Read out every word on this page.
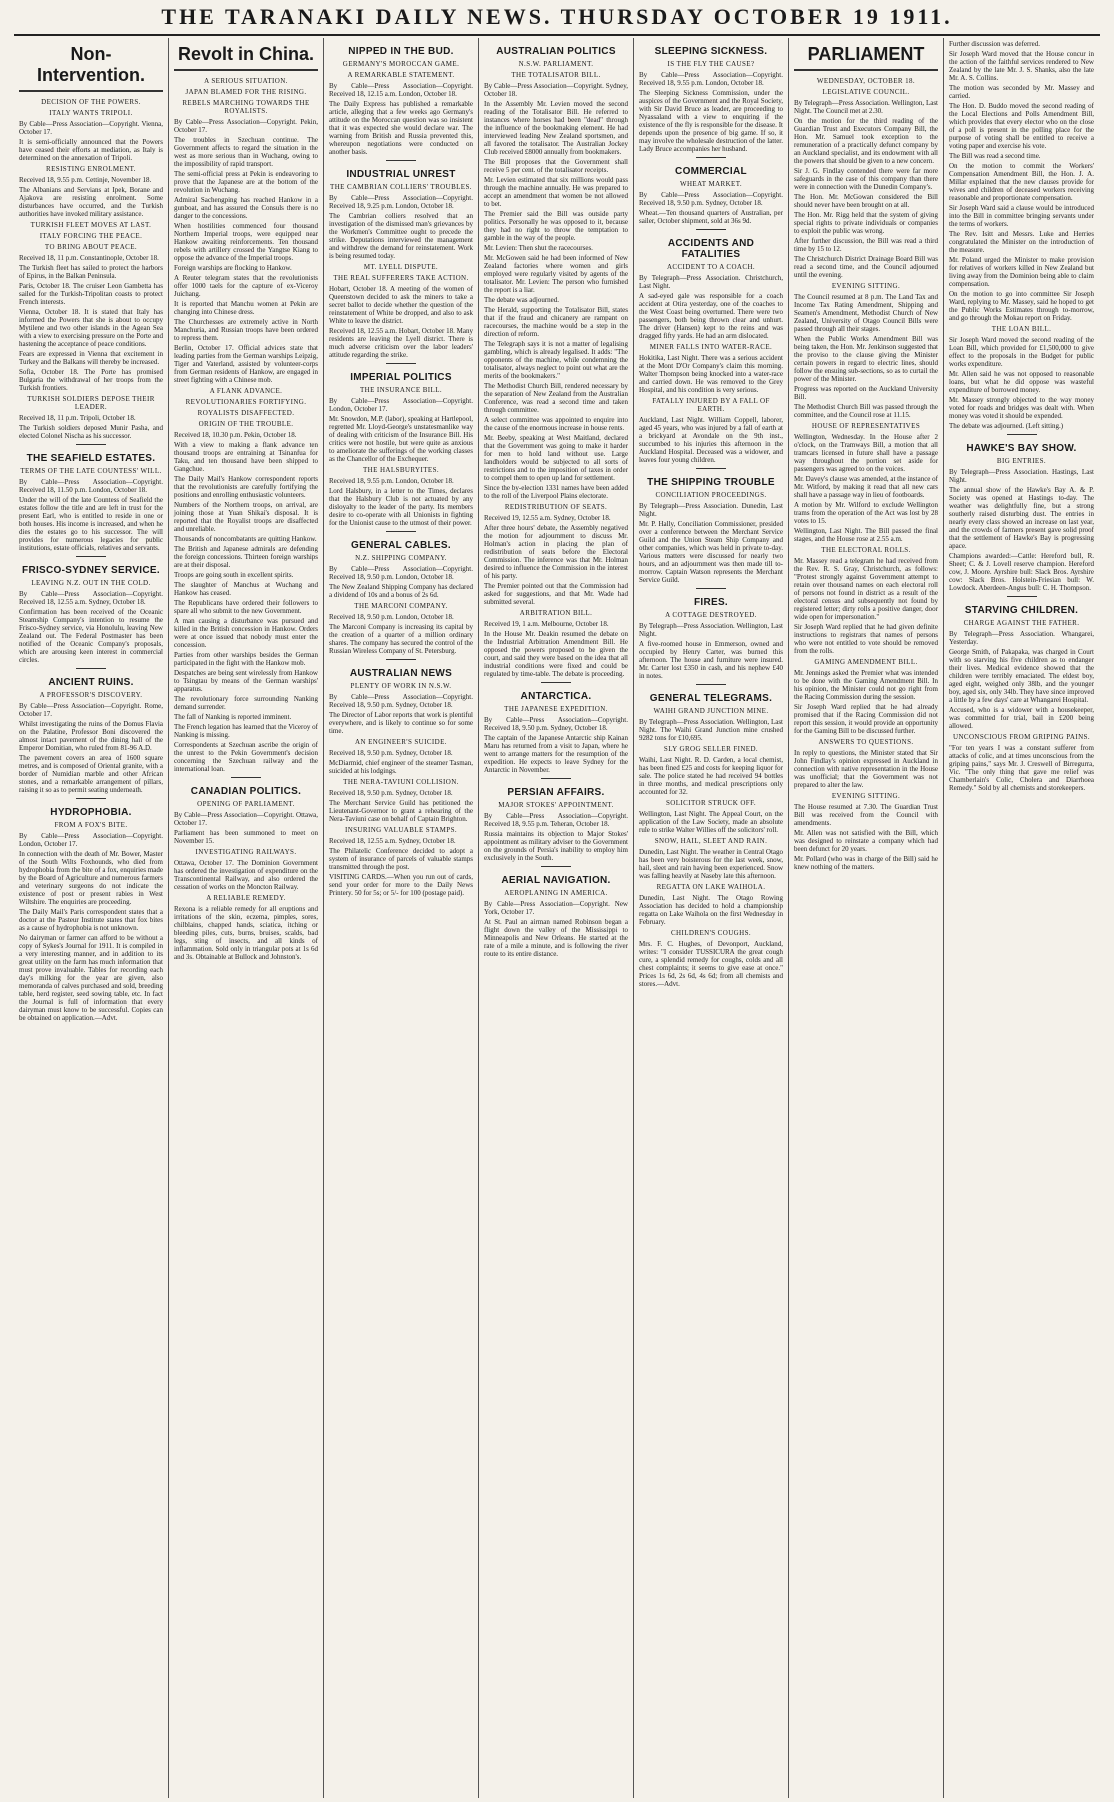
THE TARANAKI DAILY NEWS. THURSDAY OCTOBER 19 1911.
Non-Intervention.
DECISION OF THE POWERS.
ITALY WANTS TRIPOLI.
By Cable—Press Association—Copyright. Vienna, October 17.
It is semi-officially announced that the Powers have ceased their efforts at mediation, as Italy is determined on the annexation of Tripoli.
RESISTING ENROLMENT.
Received 18, 9.55 p.m. Cettinje, November 18.
The Albanians and Servians at Ipek, Borane and Ajakova are resisting enrolment. Some disturbances have occurred, and the Turkish authorities have invoked military assistance.
TURKISH FLEET MOVES AT LAST.
ITALY FORCING THE PEACE.
TO BRING ABOUT PEACE.
Received 18, 11 p.m. Constantinople, October 18.
The Turkish fleet has sailed to protect the harbors of Epirus, in the Balkan Peninsula.
Paris, October 18. The cruiser Leon Gambetta has sailed for the Turkish-Tripolitan coasts to protect French interests.
Vienna, October 18. It is stated that Italy has informed the Powers that she is about to occupy Mytilene and two other islands in the Agean Sea with a view to exercising pressure on the Porte and hastening the acceptance of peace conditions.
Fears are expressed in Vienna that excitement in Turkey and the Balkans will thereby be increased.
Sofia, October 18. The Porte has promised Bulgaria the withdrawal of her troops from the Turkish frontiers.
TURKISH SOLDIERS DEPOSE THEIR LEADER.
Received 18, 11 p.m. Tripoli, October 18.
The Turkish soldiers deposed Munir Pasha, and elected Colonel Nischa as his successor.
THE SEAFIELD ESTATES.
TERMS OF THE LATE COUNTESS' WILL.
By Cable—Press Association—Copyright. Received 18, 11.50 p.m. London, October 18.
Under the will of the late Countess of Seafield the estates follow the title and are left in trust for the present Earl, who is entitled to reside in one or both houses. His income is increased, and when he dies the estates go to his successor. The will provides for numerous legacies for public institutions, estate officials, relatives and servants.
FRISCO-SYDNEY SERVICE.
LEAVING N.Z. OUT IN THE COLD.
By Cable—Press Association—Copyright. Received 18, 12.55 a.m. Sydney, October 18.
Confirmation has been received of the Oceanic Steamship Company's intention to resume the Frisco-Sydney service, via Honolulu, leaving New Zealand out. The Federal Postmaster has been notified of the Oceanic Company's proposals, which are arousing keen interest in commercial circles.
ANCIENT RUINS.
A PROFESSOR'S DISCOVERY.
By Cable—Press Association—Copyright. Rome, October 17.
Whilst investigating the ruins of the Domus Flavia on the Palatine, Professor Boni discovered the almost intact pavement of the dining hall of the Emperor Domitian, who ruled from 81-96 A.D.
The pavement covers an area of 1600 square metres, and is composed of Oriental granite, with a border of Numidian marble and other African stones, and a remarkable arrangement of pillars, raising it so as to permit seating underneath.
HYDROPHOBIA.
FROM A FOX'S BITE.
By Cable—Press Association—Copyright. London, October 17.
In connection with the death of Mr. Bower, Master of the South Wilts Foxhounds, who died from hydrophobia from the bite of a fox, enquiries made by the Board of Agriculture and numerous farmers and veterinary surgeons do not indicate the existence of post or present rabies in West Wiltshire. The enquiries are proceeding.
The Daily Mail's Paris correspondent states that a doctor at the Pasteur Institute states that fox bites as a cause of hydrophobia is not unknown.
No dairyman or farmer can afford to be without a copy of Sykes's Journal for 1911. It is compiled in a very interesting manner, and in addition to its great utility on the farm has much information that must prove invaluable. Tables for recording each day's milking for the year are given, also memoranda of calves purchased and sold, breeding table, herd register, seed sowing table, etc. In fact the Journal is full of information that every dairyman must know to be successful. Copies can be obtained on application.—Advt.
Revolt in China.
A SERIOUS SITUATION.
JAPAN BLAMED FOR THE RISING.
REBELS MARCHING TOWARDS THE ROYALISTS.
By Cable—Press Association—Copyright. Pekin, October 17.
The troubles in Szechuan continue. The Government affects to regard the situation in the west as more serious than in Wuchang, owing to the impossibility of rapid transport.
The semi-official press at Pekin is endeavoring to prove that the Japanese are at the bottom of the revolution in Wuchang.
Admiral Sachengping has reached Hankow in a gunboat, and has assured the Consuls there is no danger to the concessions.
When hostilities commenced four thousand Northern Imperial troops, were equipped near Hankow awaiting reinforcements. Ten thousand rebels with artillery crossed the Yangtse Kiang to oppose the advance of the Imperial troops.
Foreign warships are flocking to Hankow.
A Reuter telegram states that the revolutionists offer 1000 taels for the capture of ex-Viceroy Juichang.
It is reported that Manchu women at Pekin are changing into Chinese dress.
The Churchesses are extremely active in North Manchuria, and Russian troops have been ordered to repress them.
Berlin, October 17. Official advices state that leading parties from the German warships Leipzig, Tiger and Vaterland, assisted by volunteer-corps from German residents of Hankow, are engaged in street fighting with a Chinese mob.
A FLANK ADVANCE.
REVOLUTIONARIES FORTIFYING.
ROYALISTS DISAFFECTED.
ORIGIN OF THE TROUBLE.
Received 18, 10.30 p.m. Pekin, October 18.
With a view to making a flank advance ten thousand troops are entraining at Tsinanfua for Taku, and ten thousand have been shipped to Gangchue.
The Daily Mail's Hankow correspondent reports that the revolutionists are carefully fortifying the positions and enrolling enthusiastic volunteers.
Numbers of the Northern troops, on arrival, are joining those at Yuan Shikai's disposal. It is reported that the Royalist troops are disaffected and unreliable.
Thousands of noncombatants are quitting Hankow.
The British and Japanese admirals are defending the foreign concessions. Thirteen foreign warships are at their disposal.
Troops are going south in excellent spirits.
The slaughter of Manchus at Wuchang and Hankow has ceased.
The Republicans have ordered their followers to spare all who submit to the new Government.
A man causing a disturbance was pursued and killed in the British concession in Hankow. Orders were at once issued that nobody must enter the concession.
Parties from other warships besides the German participated in the fight with the Hankow mob.
Despatches are being sent wirelessly from Hankow to Tsingtau by means of the German warships' apparatus.
The revolutionary force surrounding Nanking demand surrender.
The fall of Nanking is reported imminent.
The French legation has learned that the Viceroy of Nanking is missing.
Correspondents at Szechuan ascribe the origin of the unrest to the Pekin Government's decision concerning the Szechuan railway and the international loan.
CANADIAN POLITICS.
OPENING OF PARLIAMENT.
By Cable—Press Association—Copyright. Ottawa, October 17.
Parliament has been summoned to meet on November 15.
INVESTIGATING RAILWAYS.
Ottawa, October 17. The Dominion Government has ordered the investigation of expenditure on the Transcontinental Railway, and also ordered the cessation of works on the Moncton Railway.
A RELIABLE REMEDY.
Rexona is a reliable remedy for all eruptions and irritations of the skin, eczema, pimples, sores, chilblains, chapped hands, sciatica, itching or bleeding piles, cuts, burns, bruises, scalds, bad legs, sting of insects, and all kinds of inflammation. Sold only in triangular pots at 1s 6d and 3s. Obtainable at Bullock and Johnston's.
NIPPED IN THE BUD.
GERMANY'S MOROCCAN GAME.
A REMARKABLE STATEMENT.
By Cable—Press Association—Copyright. Received 18, 12.15 a.m. London, October 18.
The Daily Express has published a remarkable article, alleging that a few weeks ago Germany's attitude on the Moroccan question was so insistent that it was expected she would declare war. The warning from British and Russia prevented this, whereupon negotiations were conducted on another basis.
INDUSTRIAL UNREST
THE CAMBRIAN COLLIERS' TROUBLES.
By Cable—Press Association—Copyright. Received 18, 9.25 p.m. London, October 18.
The Cambrian colliers resolved that an investigation of the dismissed man's grievances by the Workmen's Committee ought to precede the strike. Deputations interviewed the management and withdrew the demand for reinstatement. Work is being resumed today.
MT. LYELL DISPUTE.
THE REAL SUFFERERS TAKE ACTION.
Hobart, October 18. A meeting of the women of Queenstown decided to ask the miners to take a secret ballot to decide whether the question of the reinstatement of White be dropped, and also to ask White to leave the district.
Received 18, 12.55 a.m. Hobart, October 18. Many residents are leaving the Lyell district. There is much adverse criticism over the labor leaders' attitude regarding the strike.
IMPERIAL POLITICS
THE INSURANCE BILL.
By Cable—Press Association—Copyright. London, October 17.
Mr. Snowdon, M.P. (labor), speaking at Hartlepool, regretted Mr. Lloyd-George's unstatesmanlike way of dealing with criticism of the Insurance Bill. His critics were not hostile, but were quite as anxious to ameliorate the sufferings of the working classes as the Chancellor of the Exchequer.
THE HALSBURYITES.
Received 18, 9.55 p.m. London, October 18.
Lord Halsbury, in a letter to the Times, declares that the Halsbury Club is not actuated by any disloyalty to the leader of the party. Its members desire to co-operate with all Unionists in fighting for the Unionist cause to the utmost of their power.
GENERAL CABLES.
N.Z. SHIPPING COMPANY.
By Cable—Press Association—Copyright. Received 18, 9.50 p.m. London, October 18.
The New Zealand Shipping Company has declared a dividend of 10s and a bonus of 2s 6d.
THE MARCONI COMPANY.
Received 18, 9.50 p.m. London, October 18.
The Marconi Company is increasing its capital by the creation of a quarter of a million ordinary shares. The company has secured the control of the Russian Wireless Company of St. Petersburg.
AUSTRALIAN NEWS
PLENTY OF WORK IN N.S.W.
By Cable—Press Association—Copyright. Received 18, 9.50 p.m. Sydney, October 18.
The Director of Labor reports that work is plentiful everywhere, and is likely to continue so for some time.
AN ENGINEER'S SUICIDE.
Received 18, 9.50 p.m. Sydney, October 18.
McDiarmid, chief engineer of the steamer Tasman, suicided at his lodgings.
THE NERA-TAVIUNI COLLISION.
Received 18, 9.50 p.m. Sydney, October 18.
The Merchant Service Guild has petitioned the Lieutenant-Governor to grant a rehearing of the Nera-Taviuni case on behalf of Captain Brighton.
INSURING VALUABLE STAMPS.
Received 18, 12.55 a.m. Sydney, October 18.
The Philatelic Conference decided to adopt a system of insurance of parcels of valuable stamps transmitted through the post.
VISITING CARDS.—When you run out of cards, send your order for more to the Daily News Printery. 50 for 5s; or 5/- for 100 (postage paid).
AUSTRALIAN POLITICS
N.S.W. PARLIAMENT.
THE TOTALISATOR BILL.
By Cable—Press Association—Copyright. Sydney, October 18.
In the Assembly Mr. Levien moved the second reading of the Totalisator Bill. He referred to instances where horses had been "dead" through the influence of the bookmaking element. He had interviewed leading New Zealand sportsmen, and all favored the totalisator. The Australian Jockey Club received £8000 annually from bookmakers.
The Bill proposes that the Government shall receive 5 per cent. of the totalisator receipts.
Mr. Levien estimated that six millions would pass through the machine annually. He was prepared to accept an amendment that women be not allowed to bet.
The Premier said the Bill was outside party politics. Personally he was opposed to it, because they had no right to throw the temptation to gamble in the way of the people.
Mr. Levien: Then shut the racecourses.
Mr. McGowen said he had been informed of New Zealand factories where women and girls employed were regularly visited by agents of the totalisator. Mr. Levien: The person who furnished the report is a liar.
The debate was adjourned.
The Herald, supporting the Totalisator Bill, states that if the fraud and chicanery are rampant on racecourses, the machine would be a step in the direction of reform.
The Telegraph says it is not a matter of legalising gambling, which is already legalised. It adds: "The opponents of the machine, while condemning the totalisator, always neglect to point out what are the merits of the bookmakers."
The Methodist Church Bill, rendered necessary by the separation of New Zealand from the Australian Conference, was read a second time and taken through committee.
A select committee was appointed to enquire into the cause of the enormous increase in house rents.
Mr. Beeby, speaking at West Maitland, declared that the Government was going to make it harder for men to hold land without use. Large landholders would be subjected to all sorts of restrictions and to the imposition of taxes in order to compel them to open up land for settlement.
Since the by-election 1331 names have been added to the roll of the Liverpool Plains electorate.
REDISTRIBUTION OF SEATS.
Received 19, 12.55 a.m. Sydney, October 18.
After three hours' debate, the Assembly negatived the motion for adjournment to discuss Mr. Holman's action in placing the plan of redistribution of seats before the Electoral Commission. The inference was that Mr. Holman desired to influence the Commission in the interest of his party.
The Premier pointed out that the Commission had asked for suggestions, and that Mr. Wade had submitted several.
ARBITRATION BILL.
Received 19, 1 a.m. Melbourne, October 18.
In the House Mr. Deakin resumed the debate on the Industrial Arbitration Amendment Bill. He opposed the powers proposed to be given the court, and said they were based on the idea that all industrial conditions were fixed and could be regulated by time-table. The debate is proceeding.
ANTARCTICA.
THE JAPANESE EXPEDITION.
By Cable—Press Association—Copyright. Received 18, 9.50 p.m. Sydney, October 18.
The captain of the Japanese Antarctic ship Kainan Maru has returned from a visit to Japan, where he went to arrange matters for the resumption of the expedition. He expects to leave Sydney for the Antarctic in November.
PERSIAN AFFAIRS.
MAJOR STOKES' APPOINTMENT.
By Cable—Press Association—Copyright. Received 18, 9.55 p.m. Teheran, October 18.
Russia maintains its objection to Major Stokes' appointment as military adviser to the Government on the grounds of Persia's inability to employ him exclusively in the South.
AERIAL NAVIGATION.
AEROPLANING IN AMERICA.
By Cable—Press Association—Copyright. New York, October 17.
At St. Paul an airman named Robinson began a flight down the valley of the Mississippi to Minneapolis and New Orleans. He started at the rate of a mile a minute, and is following the river route to its entire distance.
SLEEPING SICKNESS.
IS THE FLY THE CAUSE?
By Cable—Press Association—Copyright. Received 18, 9.55 p.m. London, October 18.
The Sleeping Sickness Commission, under the auspices of the Government and the Royal Society, with Sir David Bruce as leader, are proceeding to Nyassaland with a view to enquiring if the existence of the fly is responsible for the disease. It depends upon the presence of big game. If so, it may involve the wholesale destruction of the latter. Lady Bruce accompanies her husband.
COMMERCIAL
WHEAT MARKET.
By Cable—Press Association—Copyright. Received 18, 9.50 p.m. Sydney, October 18.
Wheat.—Ten thousand quarters of Australian, per sailer, October shipment, sold at 36s 9d.
ACCIDENTS AND FATALITIES
ACCIDENT TO A COACH.
By Telegraph—Press Association. Christchurch, Last Night.
A sad-eyed gale was responsible for a coach accident at Otira yesterday, one of the coaches to the West Coast being overturned. There were two passengers, both being thrown clear and unhurt. The driver (Hansen) kept to the reins and was dragged fifty yards. He had an arm dislocated.
MINER FALLS INTO WATER-RACE.
Hokitika, Last Night. There was a serious accident at the Mont D'Or Company's claim this morning. Walter Thompson being knocked into a water-race and carried down. He was removed to the Grey Hospital, and his condition is very serious.
FATALLY INJURED BY A FALL OF EARTH.
Auckland, Last Night. William Coppell, laborer, aged 45 years, who was injured by a fall of earth at a brickyard at Avondale on the 9th inst., succumbed to his injuries this afternoon in the Auckland Hospital. Deceased was a widower, and leaves four young children.
THE SHIPPING TROUBLE
CONCILIATION PROCEEDINGS.
By Telegraph—Press Association. Dunedin, Last Night.
Mr. P. Hally, Conciliation Commissioner, presided over a conference between the Merchant Service Guild and the Union Steam Ship Company and other companies, which was held in private to-day. Various matters were discussed for nearly two hours, and an adjournment was then made till to-morrow. Captain Watson represents the Merchant Service Guild.
FIRES.
A COTTAGE DESTROYED.
By Telegraph—Press Association. Wellington, Last Night.
A five-roomed house in Emmerson, owned and occupied by Henry Carter, was burned this afternoon. The house and furniture were insured. Mr. Carter lost £350 in cash, and his nephew £40 in notes.
GENERAL TELEGRAMS.
WAIHI GRAND JUNCTION MINE.
By Telegraph—Press Association. Wellington, Last Night. The Waihi Grand Junction mine crushed 9282 tons for £10,695.
SLY GROG SELLER FINED.
Waihi, Last Night. R. D. Carden, a local chemist, has been fined £25 and costs for keeping liquor for sale. The police stated he had received 94 bottles in three months, and medical prescriptions only accounted for 32.
SOLICITOR STRUCK OFF.
Wellington, Last Night. The Appeal Court, on the application of the Law Society, made an absolute rule to strike Walter Willies off the solicitors' roll.
SNOW, HAIL, SLEET AND RAIN.
Dunedin, Last Night. The weather in Central Otago has been very boisterous for the last week, snow, hail, sleet and rain having been experienced. Snow was falling heavily at Naseby late this afternoon.
REGATTA ON LAKE WAIHOLA.
Dunedin, Last Night. The Otago Rowing Association has decided to hold a championship regatta on Lake Waihola on the first Wednesday in February.
CHILDREN'S COUGHS.
Mrs. F. C. Hughes, of Devonport, Auckland, writes: "I consider TUSSICURA the great cough cure, a splendid remedy for coughs, colds and all chest complaints; it seems to give ease at once." Prices 1s 6d, 2s 6d, 4s 6d; from all chemists and stores.—Advt.
PARLIAMENT
WEDNESDAY, OCTOBER 18.
LEGISLATIVE COUNCIL.
By Telegraph—Press Association. Wellington, Last Night. The Council met at 2.30.
On the motion for the third reading of the Guardian Trust and Executors Company Bill, the Hon. Mr. Samuel took exception to the remuneration of a practically defunct company by an Auckland specialist, and its endowment with all the powers that should be given to a new concern.
Sir J. G. Findlay contended there were far more safeguards in the case of this company than there were in connection with the Dunedin Company's.
The Hon. Mr. McGowan considered the Bill should never have been brought on at all.
The Hon. Mr. Rigg held that the system of giving special rights to private individuals or companies to exploit the public was wrong.
After further discussion, the Bill was read a third time by 15 to 12.
The Christchurch District Drainage Board Bill was read a second time, and the Council adjourned until the evening.
EVENING SITTING.
The Council resumed at 8 p.m. The Land Tax and Income Tax Rating Amendment, Shipping and Seamen's Amendment, Methodist Church of New Zealand, University of Otago Council Bills were passed through all their stages.
When the Public Works Amendment Bill was being taken, the Hon. Mr. Jenkinson suggested that the proviso to the clause giving the Minister certain powers in regard to electric lines, should follow the ensuing sub-sections, so as to curtail the power of the Minister.
Progress was reported on the Auckland University Bill.
The Methodist Church Bill was passed through the committee, and the Council rose at 11.15.
HOUSE OF REPRESENTATIVES
Wellington, Wednesday. In the House after 2 o'clock, on the Tramways Bill, a motion that all tramcars licensed in future shall have a passage way throughout the portion set aside for passengers was agreed to on the voices.
Mr. Davey's clause was amended, at the instance of Mr. Witford, by making it read that all new cars shall have a passage way in lieu of footboards.
A motion by Mr. Wilford to exclude Wellington trams from the operation of the Act was lost by 28 votes to 15.
Wellington, Last Night. The Bill passed the final stages, and the House rose at 2.55 a.m.
THE ELECTORAL ROLLS.
Mr. Massey read a telegram he had received from the Rev. R. S. Gray, Christchurch, as follows: "Protest strongly against Government attempt to retain over thousand names on each electoral roll of persons not found in district as a result of the electoral census and subsequently not found by registered letter; dirty rolls a positive danger, door wide open for impersonation."
Sir Joseph Ward replied that he had given definite instructions to registrars that names of persons who were not entitled to vote should be removed from the rolls.
GAMING AMENDMENT BILL.
Mr. Jennings asked the Premier what was intended to be done with the Gaming Amendment Bill. In his opinion, the Minister could not go right from the Racing Commission during the session.
Sir Joseph Ward replied that he had already promised that if the Racing Commission did not report this session, it would provide an opportunity for the Gaming Bill to be discussed further.
ANSWERS TO QUESTIONS.
In reply to questions, the Minister stated that Sir John Findlay's opinion expressed in Auckland in connection with native representation in the House was unofficial; that the Government was not prepared to alter the law.
EVENING SITTING.
The House resumed at 7.30. The Guardian Trust Bill was received from the Council with amendments.
Mr. Allen was not satisfied with the Bill, which was designed to reinstate a company which had been defunct for 20 years.
Mr. Pollard (who was in charge of the Bill) said he knew nothing of the matters.
Further discussion was deferred.
Sir Joseph Ward moved that the House concur in the action of the faithful services rendered to New Zealand by the late Mr. J. S. Shanks, also the late Mr. A. S. Collins.
The motion was seconded by Mr. Massey and carried.
The Hon. D. Buddo moved the second reading of the Local Elections and Polls Amendment Bill, which provides that every elector who on the close of a poll is present in the polling place for the purpose of voting shall be entitled to receive a voting paper and exercise his vote.
The Bill was read a second time.
On the motion to commit the Workers' Compensation Amendment Bill, the Hon. J. A. Millar explained that the new clauses provide for wives and children of deceased workers receiving reasonable and proportionate compensation.
Sir Joseph Ward said a clause would be introduced into the Bill in committee bringing servants under the terms of workers.
The Rev. Isitt and Messrs. Luke and Herries congratulated the Minister on the introduction of the measure.
Mr. Poland urged the Minister to make provision for relatives of workers killed in New Zealand but living away from the Dominion being able to claim compensation.
On the motion to go into committee Sir Joseph Ward, replying to Mr. Massey, said he hoped to get the Public Works Estimates through to-morrow, and go through the Mokau report on Friday.
THE LOAN BILL.
Sir Joseph Ward moved the second reading of the Loan Bill, which provided for £1,500,000 to give effect to the proposals in the Budget for public works expenditure.
Mr. Allen said he was not opposed to reasonable loans, but what he did oppose was wasteful expenditure of borrowed money.
Mr. Massey strongly objected to the way money voted for roads and bridges was dealt with. When money was voted it should be expended.
The debate was adjourned. (Left sitting.)
HAWKE'S BAY SHOW.
BIG ENTRIES.
By Telegraph—Press Association. Hastings, Last Night.
The annual show of the Hawke's Bay A. & P. Society was opened at Hastings to-day. The weather was delightfully fine, but a strong southerly raised disturbing dust. The entries in nearly every class showed an increase on last year, and the crowds of farmers present gave solid proof that the settlement of Hawke's Bay is progressing apace.
Champions awarded:—Cattle: Hereford bull, R. Sheet; C. & J. Lovell reserve champion. Hereford cow, J. Moore. Ayrshire bull: Slack Bros. Ayrshire cow: Slack Bros. Holstein-Friesian bull: W. Lowdock. Aberdeen-Angus bull: C. H. Thompson.
STARVING CHILDREN.
CHARGE AGAINST THE FATHER.
By Telegraph—Press Association. Whangarei, Yesterday.
George Smith, of Pakapaka, was charged in Court with so starving his five children as to endanger their lives. Medical evidence showed that the children were terribly emaciated. The eldest boy, aged eight, weighed only 38lb, and the younger boy, aged six, only 34lb. They have since improved a little by a few days' care at Whangarei Hospital.
Accused, who is a widower with a housekeeper, was committed for trial, bail in £200 being allowed.
UNCONSCIOUS FROM GRIPING PAINS.
"For ten years I was a constant sufferer from attacks of colic, and at times unconscious from the griping pains," says Mr. J. Creswell of Birregurra, Vic. "The only thing that gave me relief was Chamberlain's Colic, Cholera and Diarrhoea Remedy." Sold by all chemists and storekeepers.
